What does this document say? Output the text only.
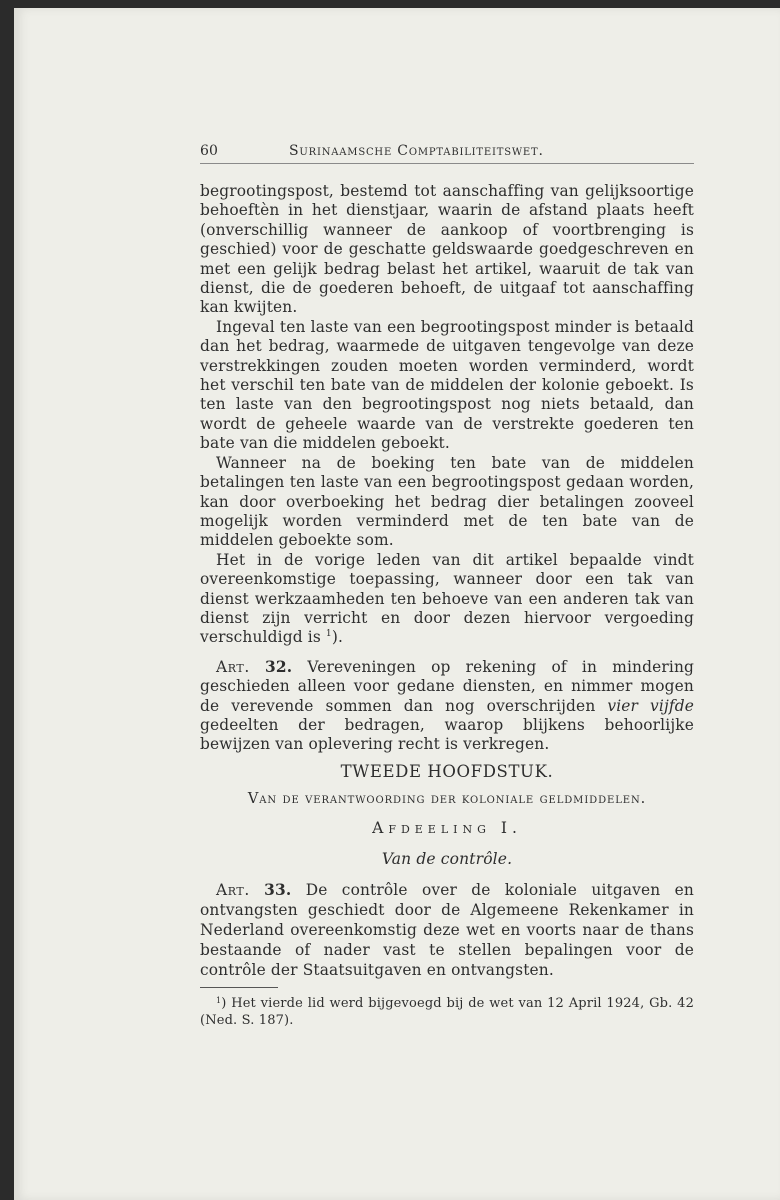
60	Surinaamsche Comptabiliteitswet.

begrootingspost, bestemd tot aanschaffing van gelijksoortige behoeftèn in het dienstjaar, waarin de afstand plaats heeft (onverschillig wanneer de aankoop of voortbrenging is geschied) voor de geschatte geldswaarde goedgeschreven en met een gelijk bedrag belast het artikel, waaruit de tak van dienst, die de goederen behoeft, de uitgaaf tot aanschaffing kan kwijten.

Ingeval ten laste van een begrootingspost minder is betaald dan het bedrag, waarmede de uitgaven tengevolge van deze verstrekkingen zouden moeten worden verminderd, wordt het verschil ten bate van de middelen der kolonie geboekt. Is ten laste van den begrootingspost nog niets betaald, dan wordt de geheele waarde van de verstrekte goederen ten bate van die middelen geboekt.

Wanneer na de boeking ten bate van de middelen betalingen ten laste van een begrootingspost gedaan worden, kan door overboeking het bedrag dier betalingen zooveel mogelijk worden verminderd met de ten bate van de middelen geboekte som.

Het in de vorige leden van dit artikel bepaalde vindt overeenkomstige toepassing, wanneer door een tak van dienst werkzaamheden ten behoeve van een anderen tak van dienst zijn verricht en door dezen hiervoor vergoeding verschuldigd is $^1$).

Art. 32. Vereveningen op rekening of in mindering geschieden alleen voor gedane diensten, en nimmer mogen de verevende sommen dan nog overschrijden vier vijfde gedeelten der bedragen, waarop blijkens behoorlijke bewijzen van oplevering recht is verkregen.

TWEEDE HOOFDSTUK.
Van de verantwoording der koloniale geldmiddelen.
Afdeeling I.
Van de contrôle.

Art. 33. De contrôle over de koloniale uitgaven en ontvangsten geschiedt door de Algemeene Rekenkamer in Nederland overeenkomstig deze wet en voorts naar de thans bestaande of nader vast te stellen bepalingen voor de contrôle der Staatsuitgaven en ontvangsten.

$^1$) Het vierde lid werd bijgevoegd bij de wet van 12 April 1924, Gb. 42 (Ned. S. 187).
